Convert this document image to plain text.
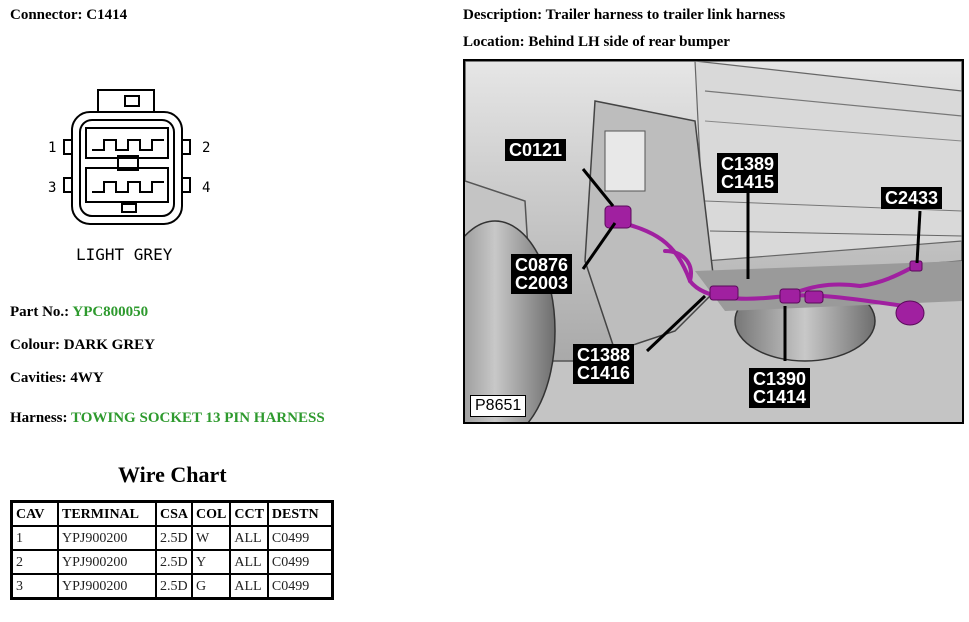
Connector: C1414	Description: Trailer harness to trailer link harness
Location: Behind LH side of rear bumper
1	2
3	4
LIGHT GREY
Part No.: YPC800050
Colour: DARK GREY
Cavities: 4WY
Harness: TOWING SOCKET 13 PIN HARNESS
Wire Chart
CAV	TERMINAL	CSA	COL	CCT	DESTN
1	YPJ900200	2.5D	W	ALL	C0499
2	YPJ900200	2.5D	Y	ALL	C0499
3	YPJ900200	2.5D	G	ALL	C0499
C0121
C1389
C1415
C2433
C0876
C2003
C1388
C1416	C1390
C1414
P8651
